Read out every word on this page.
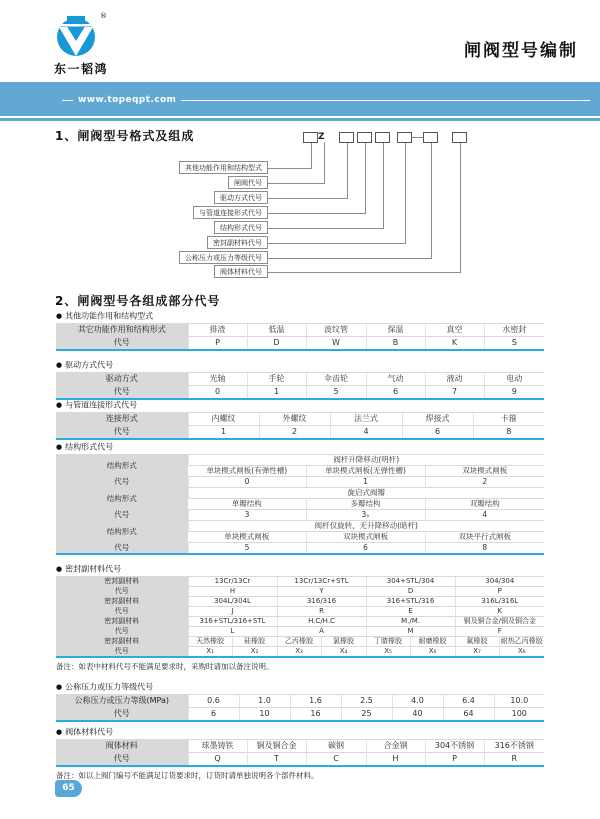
®
东一韬鸿
闸阀型号编制
www.topeqpt.com
1、闸阀型号格式及组成	Z
其他功能作用和结构型式
闸阀代号
驱动方式代号
与管道连接形式代号
结构形式代号
密封副材料代号
公称压力或压力等级代号
阀体材料代号
2、闸阀型号各组成部分代号
● 其他功能作用和结构型式
其它功能作用和结构形式	排渣	低温	波纹管	保温	真空	水密封
代号	P	D	W	B	K	S
● 驱动方式代号
驱动方式	光轴	手轮	伞齿轮	气动	液动	电动
代号	0	1	5	6	7	9
● 与管道连接形式代号
连接形式	内螺纹	外螺纹	法兰式	焊接式	卡箍
代号	1	2	4	6	8
● 结构形式代号
结构形式	阀杆升降移动(明杆)		
	单块楔式闸板(有弹性槽)	单块楔式闸板(无弹性槽)	双块楔式闸板
代号	0	1	2
结构形式	旋启式阀瓣		
	单瓣结构	多瓣结构	双瓣结构
代号	3	3ₓ	4
结构形式	阀杆仅旋转，无升降移动(暗杆)		
	单块楔式闸板	双块楔式闸板	双块平行式闸板
代号	5	6	8
● 密封副材料代号
密封副材料	13Cr/13Cr		13Cr/13Cr+STL		304+STL/304		304/304	
代号	H		Y		D		P	
密封副材料	304L/304L		316/316		316+STL/316		316L/316L	
代号	J		R		E		K	
密封副材料	316+STL/316+STL		H.C/H.C		M./M.		铜及铜合金/铜及铜合金	
代号	L		A		M		F	
密封副材料	天然橡胶	硅橡胶	乙丙橡胶	氯橡胶	丁腈橡胶	耐磨橡胶	氟橡胶	耐热乙丙橡胶
代号	X₁	X₂	X₃	X₄	X₅	X₆	X₇	X₈
备注：如表中材料代号不能满足要求时，采购时请加以备注说明。
● 公称压力或压力等级代号
公称压力或压力等级(MPa)	0.6	1.0	1.6	2.5	4.0	6.4	10.0
代号	6	10	16	25	40	64	100
● 阀体材料代号
阀体材料	球墨铸铁	铜及铜合金	碳钢	合金钢	304不锈钢	316不锈钢
代号	Q	T	C	H	P	R
备注：如以上阀门编号不能满足订货要求时，订货时请单独说明各个部件材料。
65
